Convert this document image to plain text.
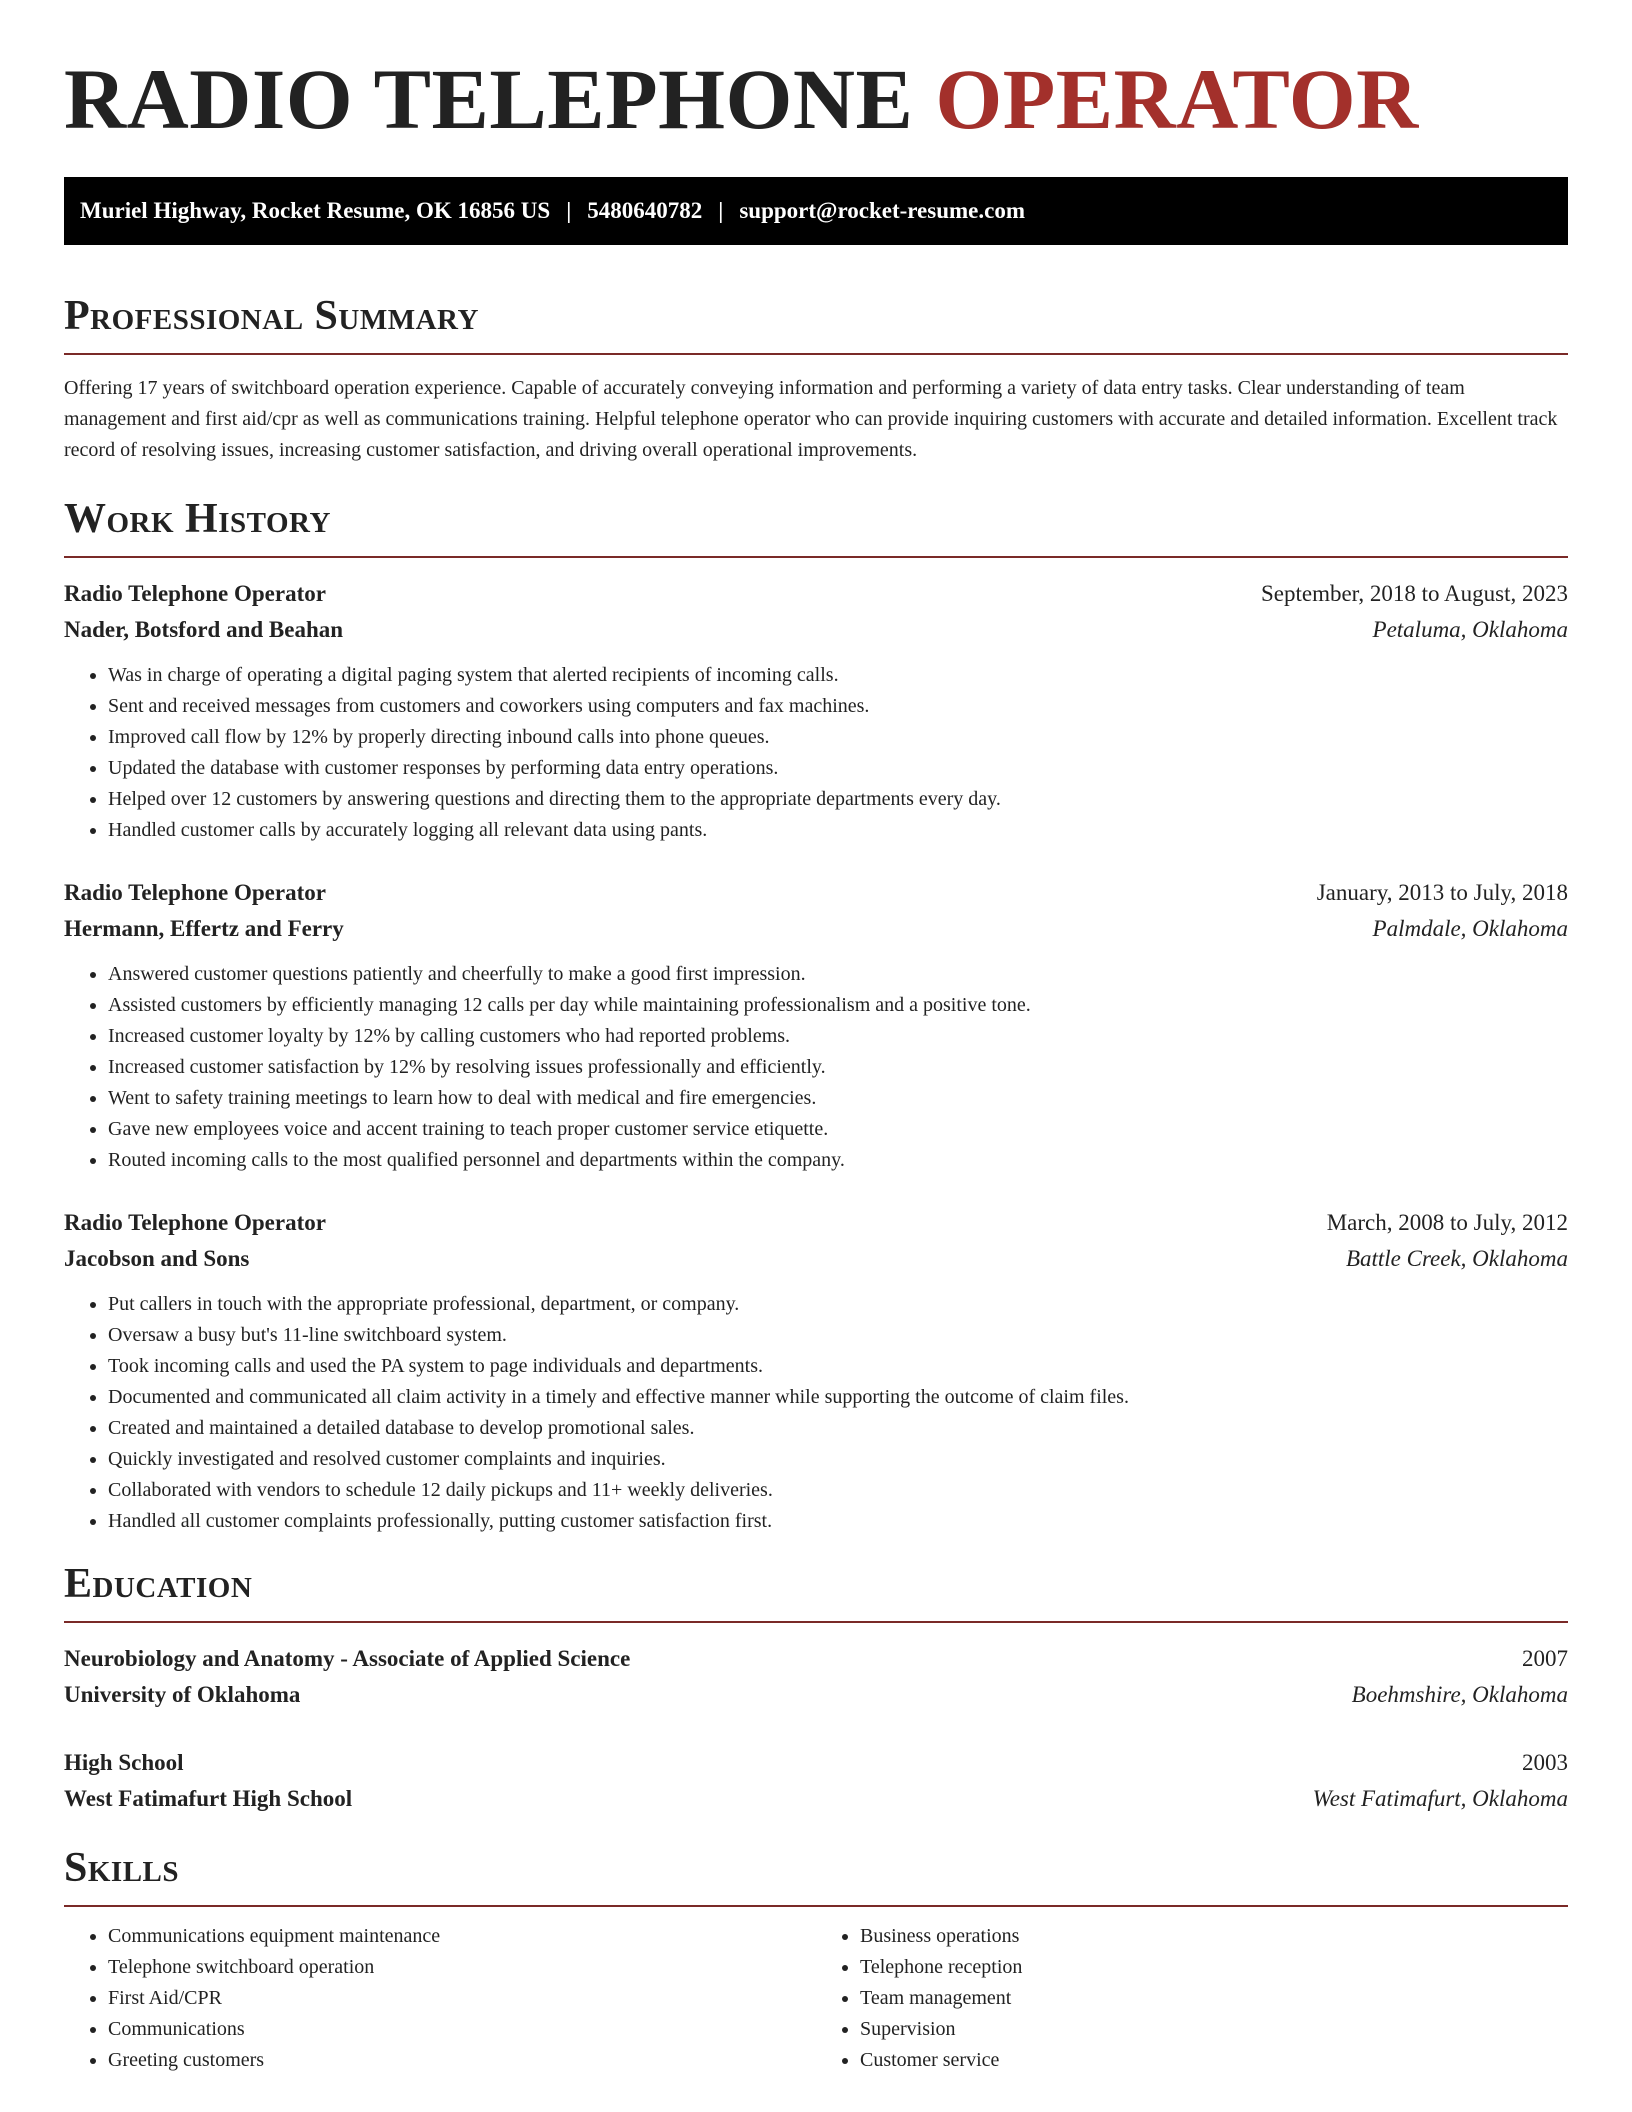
RADIO TELEPHONE OPERATOR
Muriel Highway, Rocket Resume, OK 16856 US | 5480640782 | support@rocket-resume.com
Professional Summary

Offering 17 years of switchboard operation experience. Capable of accurately conveying information and performing a variety of data entry tasks. Clear understanding of team management and first aid/cpr as well as communications training. Helpful telephone operator who can provide inquiring customers with accurate and detailed information. Excellent track record of resolving issues, increasing customer satisfaction, and driving overall operational improvements.

Work History
Radio Telephone Operator	September, 2018 to August, 2023
Nader, Botsford and Beahan	Petaluma, Oklahoma
• Was in charge of operating a digital paging system that alerted recipients of incoming calls.
• Sent and received messages from customers and coworkers using computers and fax machines.
• Improved call flow by 12% by properly directing inbound calls into phone queues.
• Updated the database with customer responses by performing data entry operations.
• Helped over 12 customers by answering questions and directing them to the appropriate departments every day.
• Handled customer calls by accurately logging all relevant data using pants.
Radio Telephone Operator	January, 2013 to July, 2018
Hermann, Effertz and Ferry	Palmdale, Oklahoma
• Answered customer questions patiently and cheerfully to make a good first impression.
• Assisted customers by efficiently managing 12 calls per day while maintaining professionalism and a positive tone.
• Increased customer loyalty by 12% by calling customers who had reported problems.
• Increased customer satisfaction by 12% by resolving issues professionally and efficiently.
• Went to safety training meetings to learn how to deal with medical and fire emergencies.
• Gave new employees voice and accent training to teach proper customer service etiquette.
• Routed incoming calls to the most qualified personnel and departments within the company.
Radio Telephone Operator	March, 2008 to July, 2012
Jacobson and Sons	Battle Creek, Oklahoma
• Put callers in touch with the appropriate professional, department, or company.
• Oversaw a busy but's 11-line switchboard system.
• Took incoming calls and used the PA system to page individuals and departments.
• Documented and communicated all claim activity in a timely and effective manner while supporting the outcome of claim files.
• Created and maintained a detailed database to develop promotional sales.
• Quickly investigated and resolved customer complaints and inquiries.
• Collaborated with vendors to schedule 12 daily pickups and 11+ weekly deliveries.
• Handled all customer complaints professionally, putting customer satisfaction first.
Education
Neurobiology and Anatomy - Associate of Applied Science	2007
University of Oklahoma	Boehmshire, Oklahoma
High School	2003
West Fatimafurt High School	West Fatimafurt, Oklahoma
Skills
• Communications equipment maintenance
• Telephone switchboard operation
• First Aid/CPR
• Communications
• Greeting customers
• Business operations
• Telephone reception
• Team management
• Supervision
• Customer service
